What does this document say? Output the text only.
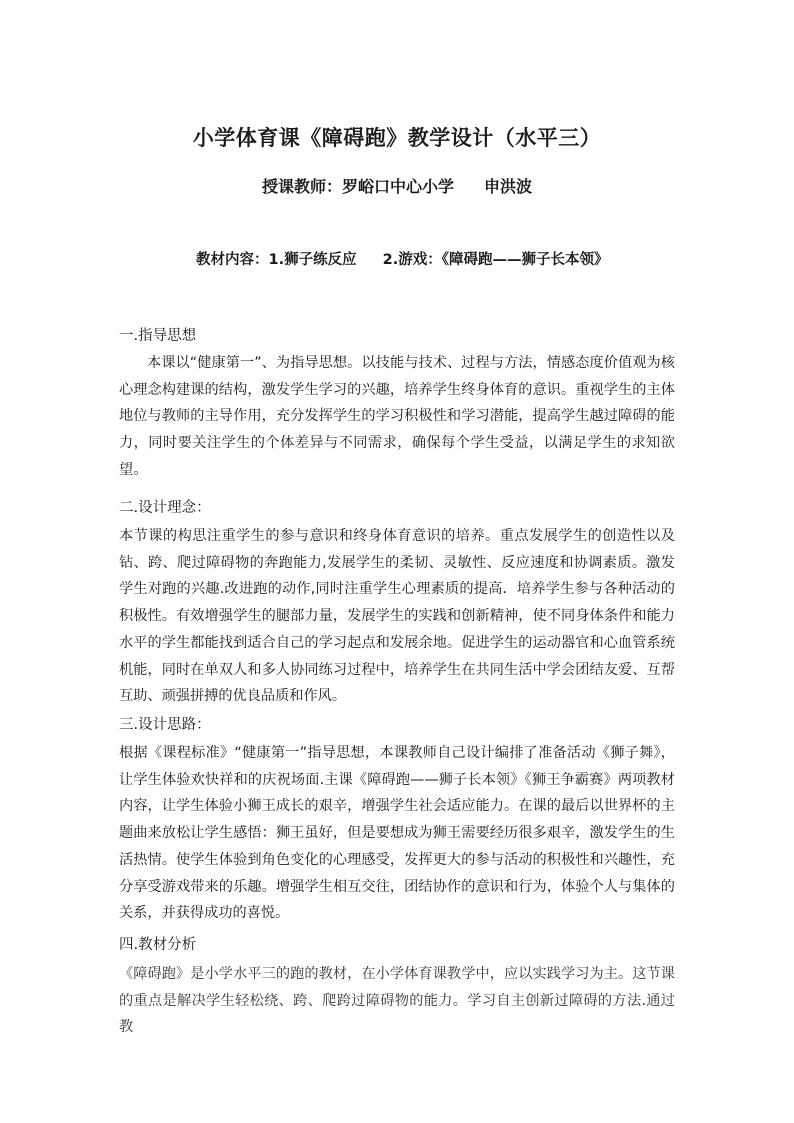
小学体育课《障碍跑》教学设计（水平三）
授课教师：罗峪口中心小学 申洪波
教材内容：1.狮子练反应 2.游戏：《障碍跑——狮子长本领》
一.指导思想

本课以“健康第一”、为指导思想。以技能与技术、过程与方法，情感态度价值观为核心理念构建课的结构，激发学生学习的兴趣，培养学生终身体育的意识。重视学生的主体地位与教师的主导作用，充分发挥学生的学习积极性和学习潜能，提高学生越过障碍的能力，同时要关注学生的个体差异与不同需求，确保每个学生受益，以满足学生的求知欲望。

二.设计理念：

本节课的构思注重学生的参与意识和终身体育意识的培养。重点发展学生的创造性以及钻、跨、爬过障碍物的奔跑能力,发展学生的柔韧、灵敏性、反应速度和协调素质。激发学生对跑的兴趣.改进跑的动作,同时注重学生心理素质的提高．培养学生参与各种活动的积极性。有效增强学生的腿部力量，发展学生的实践和创新精神，使不同身体条件和能力水平的学生都能找到适合自己的学习起点和发展余地。促进学生的运动器官和心血管系统机能，同时在单双人和多人协同练习过程中，培养学生在共同生活中学会团结友爱、互帮互助、顽强拼搏的优良品质和作风。

三.设计思路：

根据《课程标准》“健康第一”指导思想，本课教师自己设计编排了准备活动《狮子舞》，让学生体验欢快祥和的庆祝场面.主课《障碍跑——狮子长本领》《狮王争霸赛》两项教材内容，让学生体验小狮王成长的艰辛，增强学生社会适应能力。在课的最后以世界杯的主题曲来放松让学生感悟：狮王虽好，但是要想成为狮王需要经历很多艰辛，激发学生的生活热情。使学生体验到角色变化的心理感受，发挥更大的参与活动的积极性和兴趣性，充分享受游戏带来的乐趣。增强学生相互交往，团结协作的意识和行为，体验个人与集体的关系，并获得成功的喜悦。

四.教材分析

《障碍跑》是小学水平三的跑的教材，在小学体育课教学中，应以实践学习为主。这节课的重点是解决学生轻松绕、跨、爬跨过障碍物的能力。学习自主创新过障碍的方法.通过教
